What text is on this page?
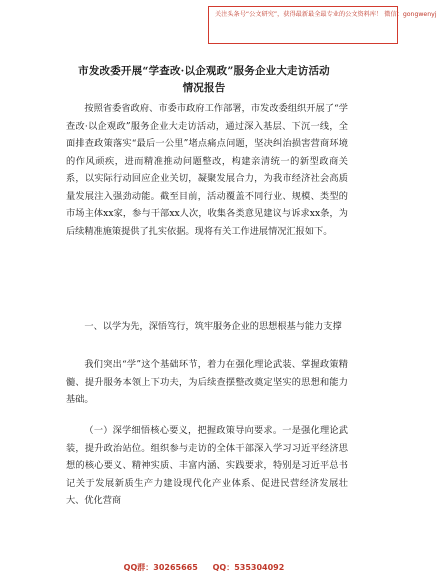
关注头条号“公文研究”，获得最新最全最专业的公文资料库！ 微信：gongwenyj
市发改委开展“学查改·以企观政”服务企业大走访活动
情况报告
按照省委省政府、市委市政府工作部署，市发改委组织开展了“学查改·以企观政”服务企业大走访活动，通过深入基层、下沉一线，全面排查政策落实“最后一公里”堵点痛点问题，坚决纠治损害营商环境的作风顽疾，进而精准推动问题整改，构建亲清统一的新型政商关系，以实际行动回应企业关切，凝聚发展合力，为我市经济社会高质量发展注入强劲动能。截至目前，活动覆盖不同行业、规模、类型的市场主体xx家，参与干部xx人次，收集各类意见建议与诉求xx条，为后续精准施策提供了扎实依据。现将有关工作进展情况汇报如下。
一、以学为先，深悟笃行，筑牢服务企业的思想根基与能力支撑
我们突出“学”这个基础环节，着力在强化理论武装、掌握政策精髓、提升服务本领上下功夫，为后续查摆整改奠定坚实的思想和能力基础。
（一）深学细悟核心要义，把握政策导向要求。一是强化理论武装，提升政治站位。组织参与走访的全体干部深入学习习近平经济思想的核心要义、精神实质、丰富内涵、实践要求，特别是习近平总书记关于发展新质生产力建设现代化产业体系、促进民营经济发展壮大、优化营商
QQ群：30265665 QQ：535304092
